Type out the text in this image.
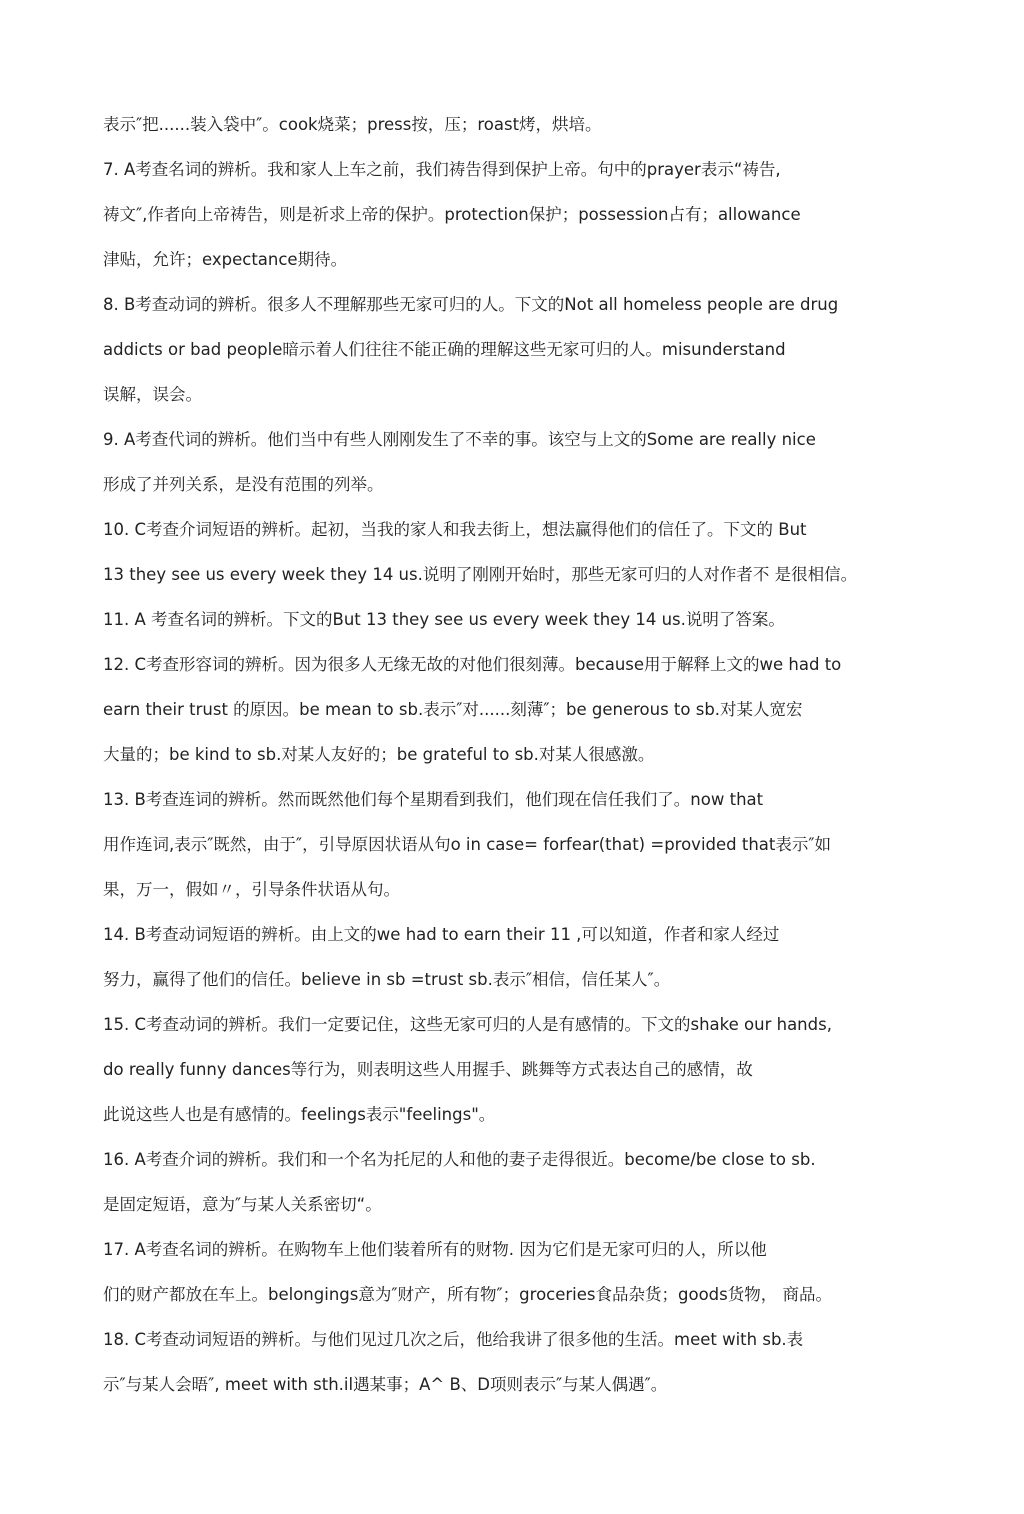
表示″把......装入袋中″。cook烧菜；press按，压；roast烤，烘培。
7. A考查名词的辨析。我和家人上车之前，我们祷告得到保护上帝。句中的prayer表示“祷告,
祷文″,作者向上帝祷告，则是祈求上帝的保护。protection保护；possession占有；allowance
津贴，允许；expectance期待。
8. B考查动词的辨析。很多人不理解那些无家可归的人。下文的Not all homeless people are drug
addicts or bad people暗示着人们往往不能正确的理解这些无家可归的人。misunderstand
误解，误会。
9. A考查代词的辨析。他们当中有些人刚刚发生了不幸的事。该空与上文的Some are really nice
形成了并列关系，是没有范围的列举。
10. C考查介词短语的辨析。起初，当我的家人和我去街上，想法赢得他们的信任了。下文的 But
13 they see us every week they 14 us.说明了刚刚开始时，那些无家可归的人对作者不 是很相信。
11. A 考查名词的辨析。下文的But 13 they see us every week they 14 us.说明了答案。
12. C考查形容词的辨析。因为很多人无缘无故的对他们很刻薄。because用于解释上文的we had to
earn their trust 的原因。be mean to sb.表示″对......刻薄″；be generous to sb.对某人宽宏
大量的；be kind to sb.对某人友好的；be grateful to sb.对某人很感激。
13. B考查连词的辨析。然而既然他们每个星期看到我们，他们现在信任我们了。now that
用作连词,表示″既然，由于″，引导原因状语从句o in case= forfear(that) =provided that表示″如
果，万一，假如〃，引导条件状语从句。
14. B考查动词短语的辨析。由上文的we had to earn their 11 ,可以知道，作者和家人经过
努力，赢得了他们的信任。believe in sb =trust sb.表示″相信，信任某人″。
15. C考查动词的辨析。我们一定要记住，这些无家可归的人是有感情的。下文的shake our hands,
do really funny dances等行为，则表明这些人用握手、跳舞等方式表达自己的感情，故
此说这些人也是有感情的。feelings表示"feelings"。
16. A考查介词的辨析。我们和一个名为托尼的人和他的妻子走得很近。become/be close to sb.
是固定短语，意为″与某人关系密切“。
17. A考查名词的辨析。在购物车上他们装着所有的财物. 因为它们是无家可归的人，所以他
们的财产都放在车上。belongings意为″财产，所有物″；groceries食品杂货；goods货物， 商品。
18. C考查动词短语的辨析。与他们见过几次之后，他给我讲了很多他的生活。meet with sb.表
示″与某人会晤″, meet with sth.il遇某事；A^ B、D项则表示″与某人偶遇″。
